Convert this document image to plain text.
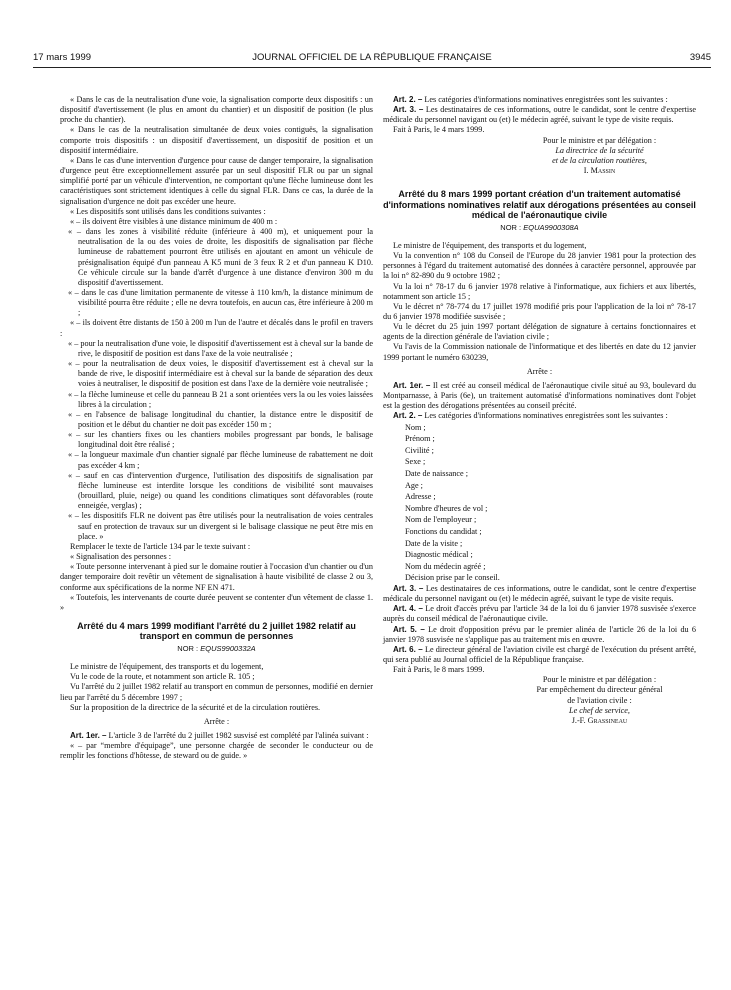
17 mars 1999	JOURNAL OFFICIEL DE LA RÉPUBLIQUE FRANÇAISE	3945

« Dans le cas de la neutralisation d'une voie, la signalisation comporte deux dispositifs : un dispositif d'avertissement (le plus en amont du chantier) et un dispositif de position (le plus proche du chantier).

« Dans le cas de la neutralisation simultanée de deux voies contiguës, la signalisation comporte trois dispositifs : un dispositif d'avertissement, un dispositif de position et un dispositif intermédiaire.

« Dans le cas d'une intervention d'urgence pour cause de danger temporaire, la signalisation d'urgence peut être exceptionnellement assurée par un seul dispositif FLR ou par un signal simplifié porté par un véhicule d'intervention, ne comportant qu'une flèche lumineuse dont les caractéristiques sont strictement identiques à celle du signal FLR. Dans ce cas, la durée de la signalisation d'urgence ne doit pas excéder une heure.

« Les dispositifs sont utilisés dans les conditions suivantes :

« – ils doivent être visibles à une distance minimum de 400 m :

« – dans les zones à visibilité réduite (inférieure à 400 m), et uniquement pour la neutralisation de la ou des voies de droite, les dispositifs de signalisation par flèche lumineuse de rabattement pourront être utilisés en ajoutant en amont un véhicule de présignalisation équipé d'un panneau A K5 muni de 3 feux R 2 et d'un panneau K D10. Ce véhicule circule sur la bande d'arrêt d'urgence à une distance d'environ 300 m du dispositif d'avertissement.

« – dans le cas d'une limitation permanente de vitesse à 110 km/h, la distance minimum de visibilité pourra être réduite ; elle ne devra toutefois, en aucun cas, être inférieure à 200 m ;

« – ils doivent être distants de 150 à 200 m l'un de l'autre et décalés dans le profil en travers :

« – pour la neutralisation d'une voie, le dispositif d'avertissement est à cheval sur la bande de rive, le dispositif de position est dans l'axe de la voie neutralisée ;

« – pour la neutralisation de deux voies, le dispositif d'avertissement est à cheval sur la bande de rive, le dispositif intermédiaire est à cheval sur la bande de séparation des deux voies à neutraliser, le dispositif de position est dans l'axe de la dernière voie neutralisée ;

« – la flèche lumineuse et celle du panneau B 21 a sont orientées vers la ou les voies laissées libres à la circulation ;

« – en l'absence de balisage longitudinal du chantier, la distance entre le dispositif de position et le début du chantier ne doit pas excéder 150 m ;

« – sur les chantiers fixes ou les chantiers mobiles progressant par bonds, le balisage longitudinal doit être réalisé ;

« – la longueur maximale d'un chantier signalé par flèche lumineuse de rabattement ne doit pas excéder 4 km ;

« – sauf en cas d'intervention d'urgence, l'utilisation des dispositifs de signalisation par flèche lumineuse est interdite lorsque les conditions de visibilité sont mauvaises (brouillard, pluie, neige) ou quand les conditions climatiques sont défavorables (route enneigée, verglas) ;

« – les dispositifs FLR ne doivent pas être utilisés pour la neutralisation de voies centrales sauf en protection de travaux sur un divergent si le balisage classique ne peut être mis en place. »

Remplacer le texte de l'article 134 par le texte suivant :

« Signalisation des personnes :

« Toute personne intervenant à pied sur le domaine routier à l'occasion d'un chantier ou d'un danger temporaire doit revêtir un vêtement de signalisation à haute visibilité de classe 2 ou 3, conforme aux spécifications de la norme NF EN 471.

« Toutefois, les intervenants de courte durée peuvent se contenter d'un vêtement de classe 1. »

Arrêté du 4 mars 1999 modifiant l'arrêté du 2 juillet 1982 relatif au transport en commun de personnes
NOR : EQUS9900332A

Le ministre de l'équipement, des transports et du logement,

Vu le code de la route, et notamment son article R. 105 ;

Vu l'arrêté du 2 juillet 1982 relatif au transport en commun de personnes, modifié en dernier lieu par l'arrêté du 5 décembre 1997 ;

Sur la proposition de la directrice de la sécurité et de la circulation routières.

Arrête :

Art. 1er. – L'article 3 de l'arrêté du 2 juillet 1982 susvisé est complété par l'alinéa suivant :

« – par “membre d'équipage”, une personne chargée de seconder le conducteur ou de remplir les fonctions d'hôtesse, de steward ou de guide. »

Art. 2. – Les catégories d'informations nominatives enregistrées sont les suivantes :

Art. 3. – Les destinataires de ces informations, outre le candidat, sont le centre d'expertise médicale du personnel navigant ou (et) le médecin agréé, suivant le type de visite requis.

Fait à Paris, le 4 mars 1999.

Pour le ministre et par délégation :
La directrice de la sécurité
et de la circulation routières,
I. Massin
Arrêté du 8 mars 1999 portant création d'un traitement automatisé d'informations nominatives relatif aux dérogations présentées au conseil médical de l'aéronautique civile
NOR : EQUA9900308A

Le ministre de l'équipement, des transports et du logement,

Vu la convention n° 108 du Conseil de l'Europe du 28 janvier 1981 pour la protection des personnes à l'égard du traitement automatisé des données à caractère personnel, approuvée par la loi n° 82-890 du 9 octobre 1982 ;

Vu la loi n° 78-17 du 6 janvier 1978 relative à l'informatique, aux fichiers et aux libertés, notamment son article 15 ;

Vu le décret n° 78-774 du 17 juillet 1978 modifié pris pour l'application de la loi n° 78-17 du 6 janvier 1978 modifiée susvisée ;

Vu le décret du 25 juin 1997 portant délégation de signature à certains fonctionnaires et agents de la direction générale de l'aviation civile ;

Vu l'avis de la Commission nationale de l'informatique et des libertés en date du 12 janvier 1999 portant le numéro 630239,

Arrête :

Art. 1er. – Il est créé au conseil médical de l'aéronautique civile situé au 93, boulevard du Montparnasse, à Paris (6e), un traitement automatisé d'informations nominatives dont l'objet est la gestion des dérogations présentées au conseil précité.

Art. 2. – Les catégories d'informations nominatives enregistrées sont les suivantes :

Nom ;
Prénom ;
Civilité ;
Sexe ;
Date de naissance ;
Age ;
Adresse ;
Nombre d'heures de vol ;
Nom de l'employeur ;
Fonctions du candidat ;
Date de la visite ;
Diagnostic médical ;
Nom du médecin agréé ;
Décision prise par le conseil.

Art. 3. – Les destinataires de ces informations, outre le candidat, sont le centre d'expertise médicale du personnel navigant ou (et) le médecin agréé, suivant le type de visite requis.

Art. 4. – Le droit d'accès prévu par l'article 34 de la loi du 6 janvier 1978 susvisée s'exerce auprès du conseil médical de l'aéronautique civile.

Art. 5. – Le droit d'opposition prévu par le premier alinéa de l'article 26 de la loi du 6 janvier 1978 susvisée ne s'applique pas au traitement mis en œuvre.

Art. 6. – Le directeur général de l'aviation civile est chargé de l'exécution du présent arrêté, qui sera publié au Journal officiel de la République française.

Fait à Paris, le 8 mars 1999.

Pour le ministre et par délégation :
Par empêchement du directeur général
de l'aviation civile :
Le chef de service,
J.-F. Grassineau
